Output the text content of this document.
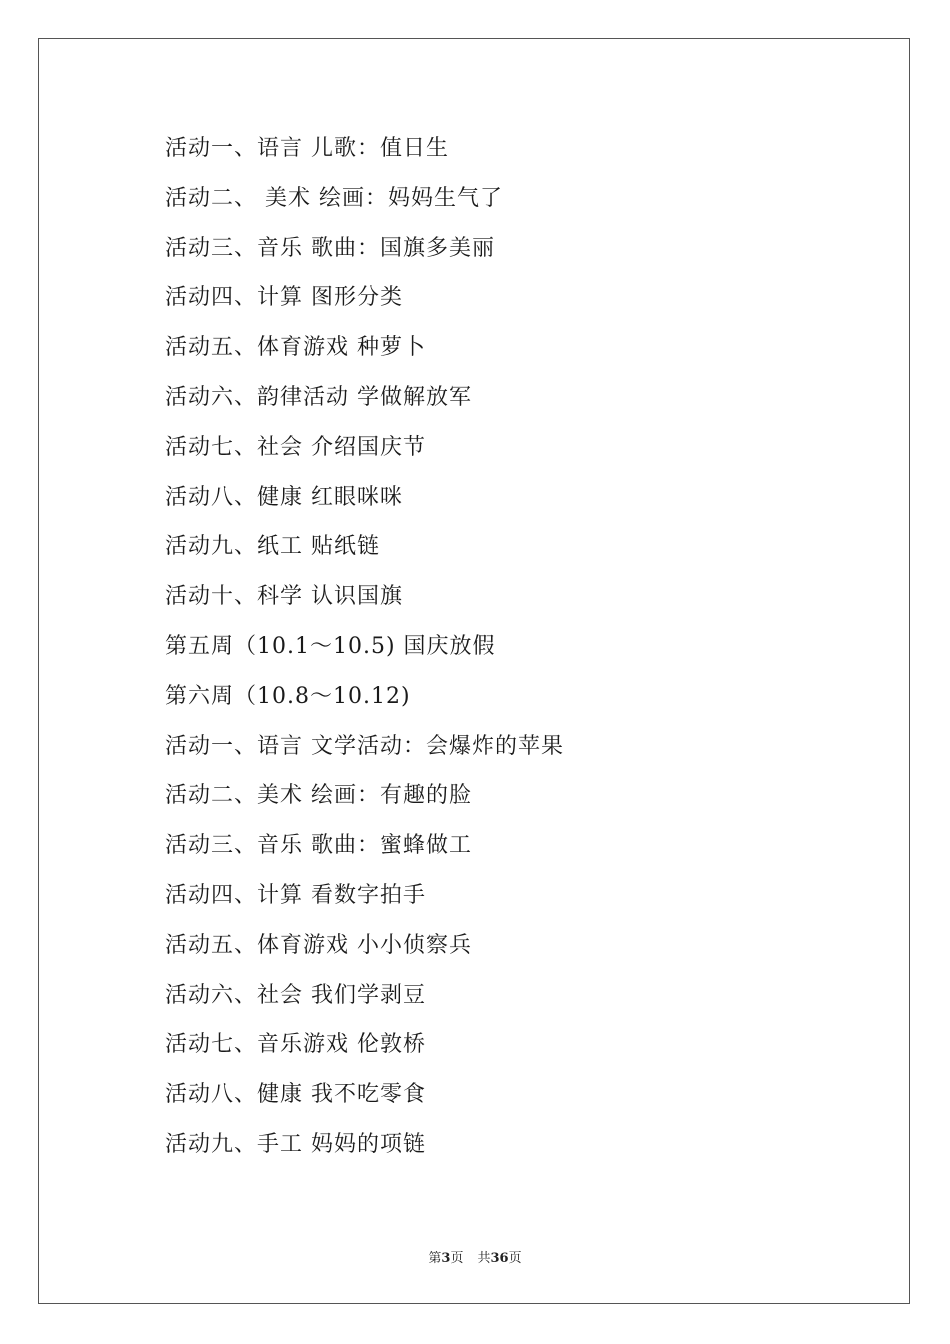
活动一、语言 儿歌：值日生
活动二、 美术 绘画：妈妈生气了
活动三、音乐 歌曲：国旗多美丽
活动四、计算 图形分类
活动五、体育游戏 种萝卜
活动六、韵律活动 学做解放军
活动七、社会 介绍国庆节
活动八、健康 红眼咪咪
活动九、纸工 贴纸链
活动十、科学 认识国旗
第五周（10.1～10.5) 国庆放假
第六周（10.8～10.12)
活动一、语言 文学活动：会爆炸的苹果
活动二、美术 绘画：有趣的脸
活动三、音乐 歌曲：蜜蜂做工
活动四、计算 看数字拍手
活动五、体育游戏 小小侦察兵
活动六、社会 我们学剥豆
活动七、音乐游戏 伦敦桥
活动八、健康 我不吃零食
活动九、手工 妈妈的项链
第3页 共36页
